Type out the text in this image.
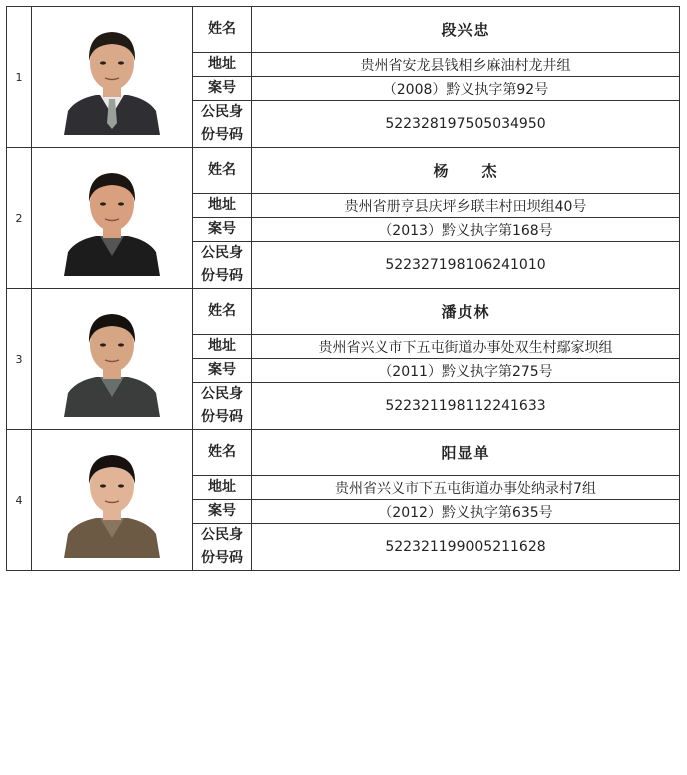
1		姓名	段兴忠
		地址	贵州省安龙县钱相乡麻油村龙井组
		案号	（2008）黔义执字第92号
		公民身份号码	522328197505034950
2		姓名	杨　　杰
		地址	贵州省册亨县庆坪乡联丰村田坝组40号
		案号	（2013）黔义执字第168号
		公民身份号码	522327198106241010
3		姓名	潘贞林
		地址	贵州省兴义市下五屯街道办事处双生村鄢家坝组
		案号	（2011）黔义执字第275号
		公民身份号码	522321198112241633
4		姓名	阳显单
		地址	贵州省兴义市下五屯街道办事处纳录村7组
		案号	（2012）黔义执字第635号
		公民身份号码	522321199005211628
